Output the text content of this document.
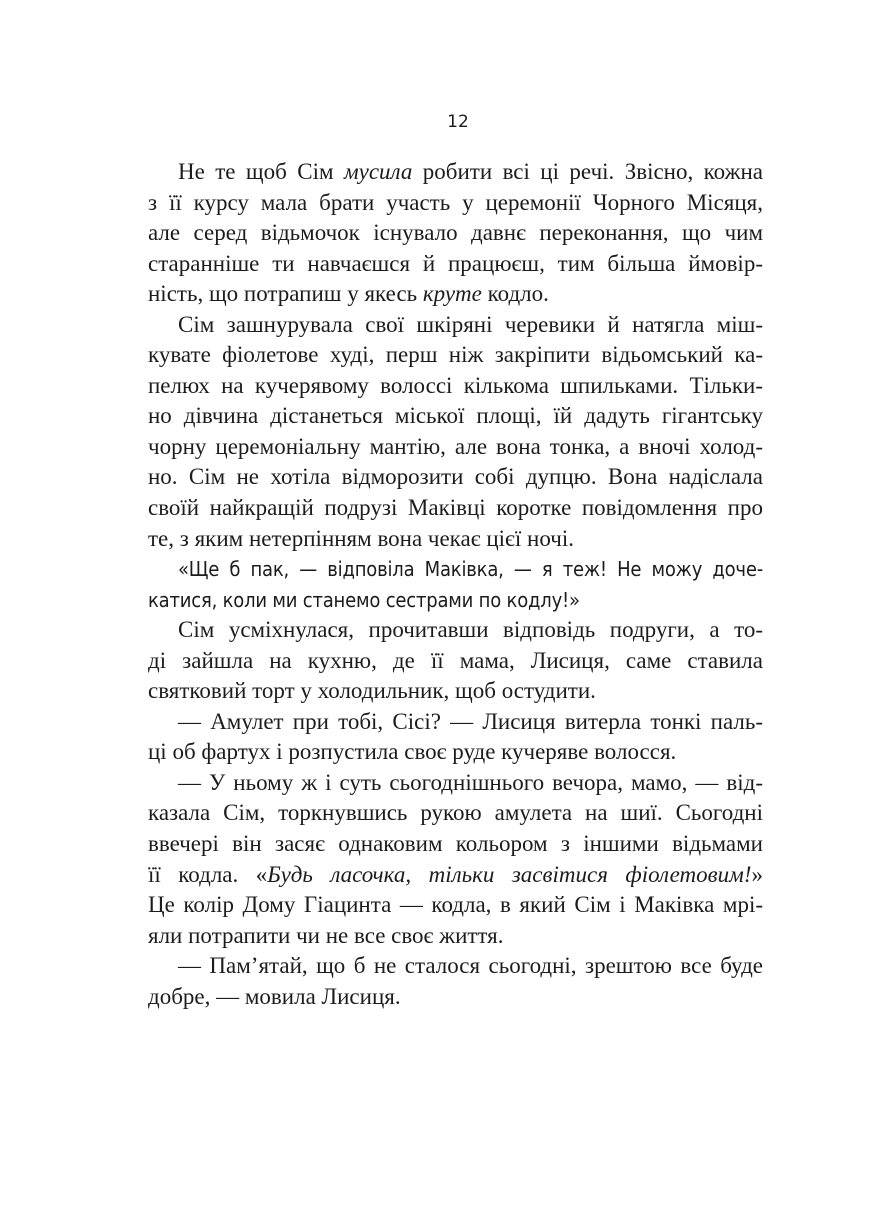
12
Не те щоб Сім мусила робити всі ці речі. Звісно, кожна
з її курсу мала брати участь у церемонії Чорного Місяця,
але серед відьмочок існувало давнє переконання, що чим
старанніше ти навчаєшся й працюєш, тим більша ймовір-
ність, що потрапиш у якесь круте кодло.
Сім зашнурувала свої шкіряні черевики й натягла міш-
кувате фіолетове худі, перш ніж закріпити відьомський ка-
пелюх на кучерявому волоссі кількома шпильками. Тільки-
но дівчина дістанеться міської площі, їй дадуть гігантську
чорну церемоніальну мантію, але вона тонка, а вночі холод-
но. Сім не хотіла відморозити собі дупцю. Вона надіслала
своїй найкращій подрузі Маківці коротке повідомлення про
те, з яким нетерпінням вона чекає цієї ночі.
«Ще б пак, — відповіла Маківка, — я теж! Не можу доче-
катися, коли ми станемо сестрами по кодлу!»
Сім усміхнулася, прочитавши відповідь подруги, а то-
ді зайшла на кухню, де її мама, Лисиця, саме ставила
святковий торт у холодильник, щоб остудити.
— Амулет при тобі, Сісі? — Лисиця витерла тонкі паль-
ці об фартух і розпустила своє руде кучеряве волосся.
— У ньому ж і суть сьогоднішнього вечора, мамо, — від-
казала Сім, торкнувшись рукою амулета на шиї. Сьогодні
ввечері він засяє однаковим кольором з іншими відьмами
її кодла. «Будь ласочка, тільки засвітися фіолетовим!»
Це колір Дому Гіацинта — кодла, в який Сім і Маківка мрі-
яли потрапити чи не все своє життя.
— Пам’ятай, що б не сталося сьогодні, зрештою все буде
добре, — мовила Лисиця.
